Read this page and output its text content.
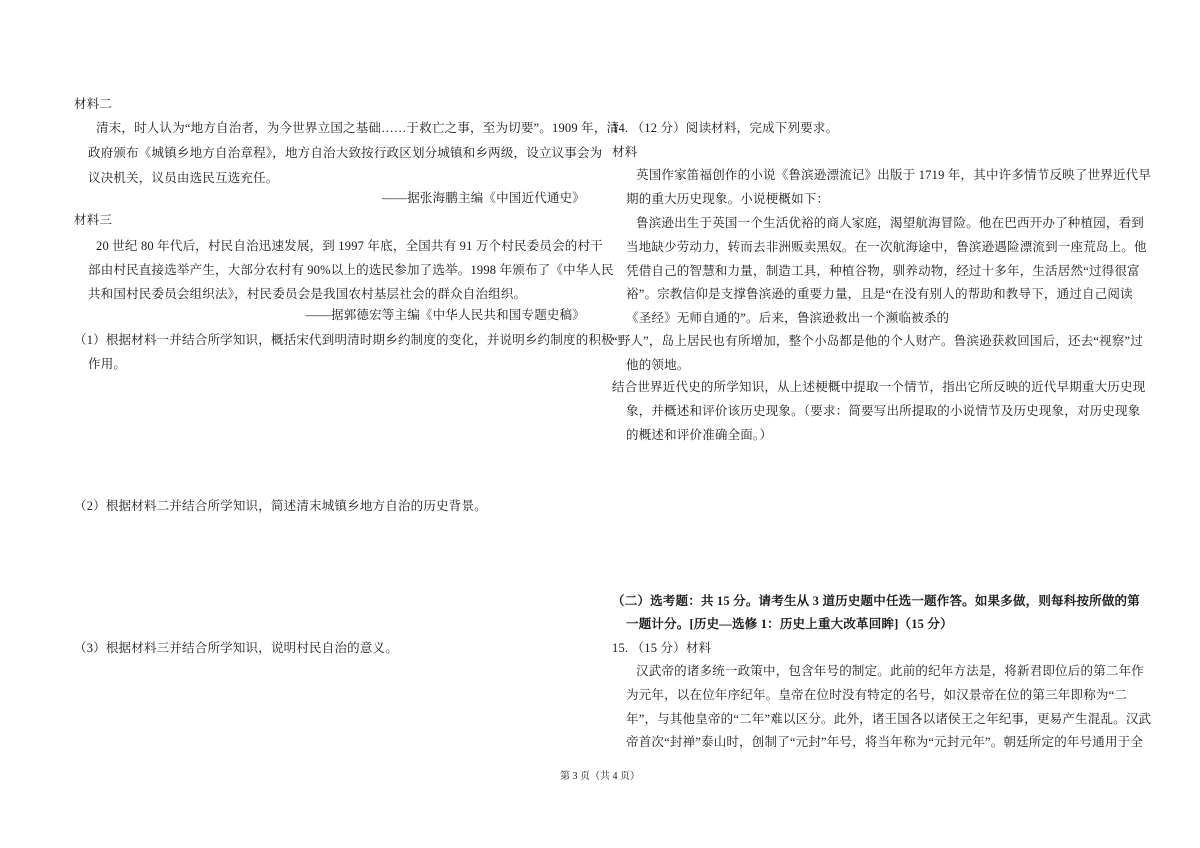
材料二
清末，时人认为“地方自治者，为今世界立国之基础……于救亡之事，至为切要”。1909 年，清
政府颁布《城镇乡地方自治章程》，地方自治大致按行政区划分城镇和乡两级，设立议事会为
议决机关，议员由选民互选充任。
——据张海鹏主编《中国近代通史》
材料三
20 世纪 80 年代后，村民自治迅速发展，到 1997 年底，全国共有 91 万个村民委员会的村干
部由村民直接选举产生，大部分农村有 90%以上的选民参加了选举。1998 年颁布了《中华人民
共和国村民委员会组织法》，村民委员会是我国农村基层社会的群众自治组织。
——据郭德宏等主编《中华人民共和国专题史稿》
（1）根据材料一并结合所学知识，概括宋代到明清时期乡约制度的变化，并说明乡约制度的积极
作用。
（2）根据材料二并结合所学知识，简述清末城镇乡地方自治的历史背景。
（3）根据材料三并结合所学知识，说明村民自治的意义。
14. （12 分）阅读材料，完成下列要求。
材料
英国作家笛福创作的小说《鲁滨逊漂流记》出版于 1719 年，其中许多情节反映了世界近代早
期的重大历史现象。小说梗概如下：
鲁滨逊出生于英国一个生活优裕的商人家庭，渴望航海冒险。他在巴西开办了种植园，看到
当地缺少劳动力，转而去非洲贩卖黑奴。在一次航海途中，鲁滨逊遇险漂流到一座荒岛上。他
凭借自己的智慧和力量，制造工具，种植谷物，驯养动物，经过十多年，生活居然“过得很富
裕”。宗教信仰是支撑鲁滨逊的重要力量，且是“在没有别人的帮助和教导下，通过自己阅读
《圣经》无师自通的”。后来，鲁滨逊救出一个濒临被杀的
“野人”，岛上居民也有所增加，整个小岛都是他的个人财产。鲁滨逊获救回国后，还去“视察”过
他的领地。
结合世界近代史的所学知识，从上述梗概中提取一个情节，指出它所反映的近代早期重大历史现
象，并概述和评价该历史现象。（要求：简要写出所提取的小说情节及历史现象，对历史现象
的概述和评价准确全面。）
（二）选考题：共 15 分。请考生从 3 道历史题中任选一题作答。如果多做，则每科按所做的第
一题计分。[历史—选修 1：历史上重大改革回眸]（15 分）
15. （15 分）材料
汉武帝的诸多统一政策中，包含年号的制定。此前的纪年方法是，将新君即位后的第二年作
为元年，以在位年序纪年。皇帝在位时没有特定的名号，如汉景帝在位的第三年即称为“二
年”，与其他皇帝的“二年”难以区分。此外，诸王国各以诸侯王之年纪事，更易产生混乱。汉武
帝首次“封禅”泰山时，创制了“元封”年号，将当年称为“元封元年”。朝廷所定的年号通用于全
第 3 页（共 4 页）
